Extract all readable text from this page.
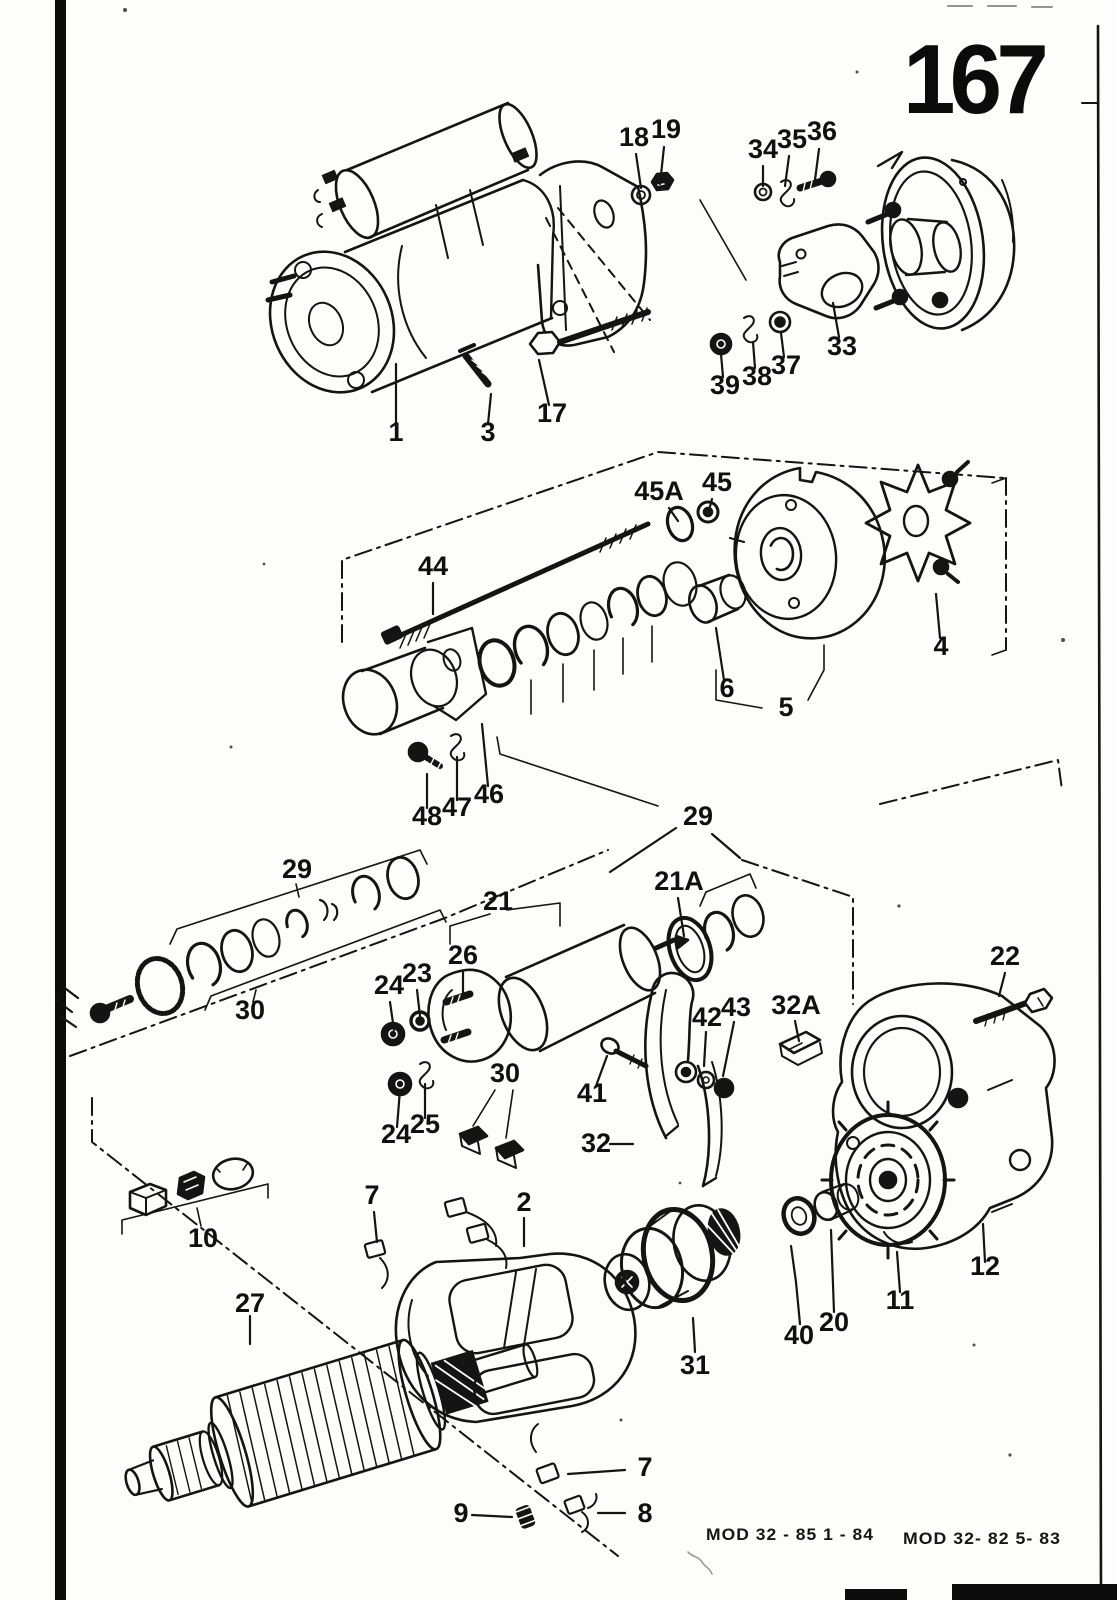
1	3
17
18 19
34
35 36
33
37
38
39
45A 45
44
4
6
5
48 47 46
29
29
30
21
21A
26
24
23
24
25
30
41
42
43 32A
22
32
2
31
7
10
27
40 20
11
12
7
9	8
167
MOD 32 - 85 1 - 84 MOD 32- 82 5- 83
